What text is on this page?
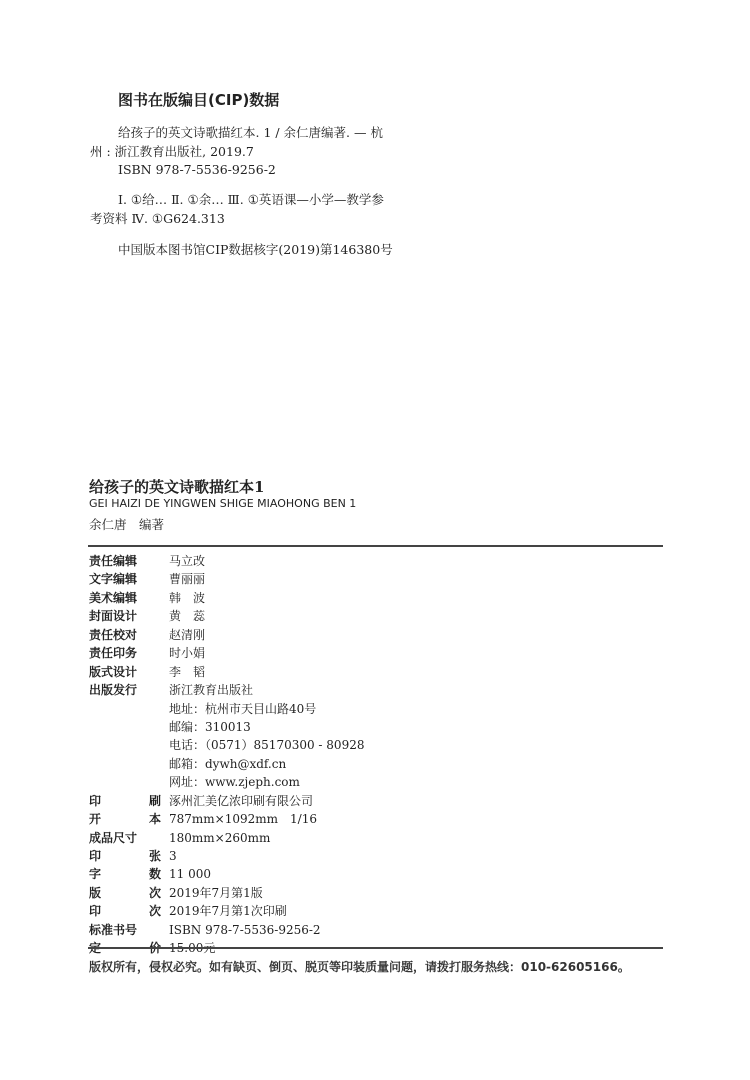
图书在版编目(CIP)数据
给孩子的英文诗歌描红本. 1 / 余仁唐编著. — 杭
州 : 浙江教育出版社, 2019.7
ISBN 978-7-5536-9256-2
Ⅰ. ①给… Ⅱ. ①余… Ⅲ. ①英语课—小学—教学参
考资料 Ⅳ. ①G624.313
中国版本图书馆CIP数据核字(2019)第146380号
给孩子的英文诗歌描红本1
GEI HAIZI DE YINGWEN SHIGE MIAOHONG BEN 1
余仁唐　编著
责任编辑	马立改
文字编辑	曹丽丽
美术编辑	韩　波
封面设计	黄　蕊
责任校对	赵清刚
责任印务	时小娟
版式设计	李　韬
出版发行	浙江教育出版社
地址：杭州市天目山路40号
邮编：310013
电话：（0571）85170300 - 80928
邮箱：dywh@xdf.cn
网址：www.zjeph.com
印	刷 涿州汇美亿浓印刷有限公司
开	本 787mm×1092mm　1/16
成品尺寸	180mm×260mm
印	张 3
字	数 11 000
版	次 2019年7月第1版
印	次 2019年7月第1次印刷
标准书号	ISBN 978-7-5536-9256-2
定	价 15.00元
版权所有，侵权必究。如有缺页、倒页、脱页等印装质量问题，请拨打服务热线：010-62605166。
